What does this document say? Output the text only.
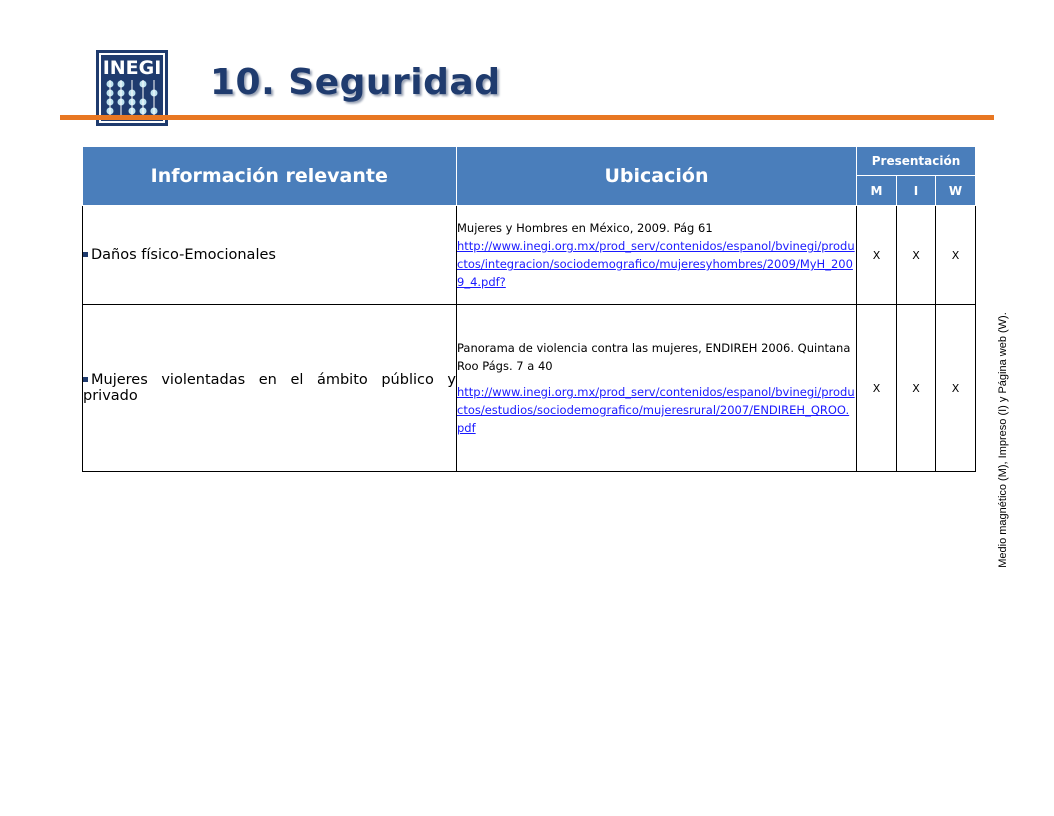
INEGI 10. Seguridad
Información relevante	Ubicación	Presentación		
		M	I	W
Daños físico-Emocionales	Mujeres y Hombres en México, 2009. Pág 61
http://www.inegi.org.mx/prod_serv/contenidos/espanol/bvinegi/productos/integracion/sociodemografico/mujeresyhombres/2009/MyH_2009_4.pdf?	X	X	X
Mujeres violentadas en el ámbito público y privado	Panorama de violencia contra las mujeres, ENDIREH 2006. Quintana Roo Págs. 7 a 40
http://www.inegi.org.mx/prod_serv/contenidos/espanol/bvinegi/productos/estudios/sociodemografico/mujeresrural/2007/ENDIREH_QROO.pdf	X	X	X	Medio magnético (M), Impreso (I) y Página web (W).
